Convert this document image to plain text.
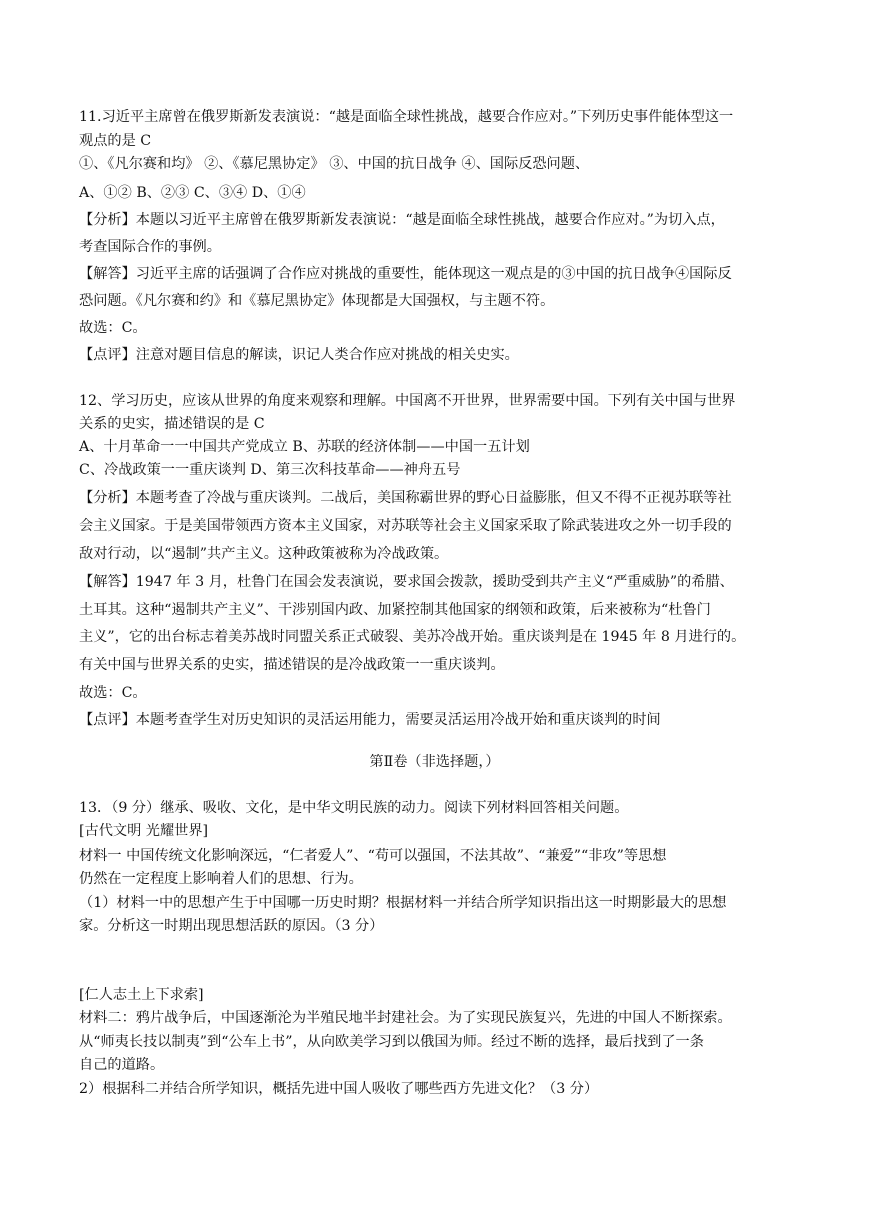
11.习近平主席曾在俄罗斯新发表演说：“越是面临全球性挑战，越要合作应对。”下列历史事件能体型这一
观点的是 C
①、《凡尔赛和均》 ②、《慕尼黑协定》 ③、中国的抗日战争 ④、国际反恐问题、
A、①② B、②③ C、③④ D、①④
【分析】本题以习近平主席曾在俄罗斯新发表演说：“越是面临全球性挑战，越要合作应对。”为切入点，
考查国际合作的事例。
【解答】习近平主席的话强调了合作应对挑战的重要性，能体现这一观点是的③中国的抗日战争④国际反
恐问题。《凡尔赛和约》和《慕尼黑协定》体现都是大国强权，与主题不符。
故选：C。
【点评】注意对题目信息的解读，识记人类合作应对挑战的相关史实。
12、学习历史，应该从世界的角度来观察和理解。中国离不开世界，世界需要中国。下列有关中国与世界
关系的史实，描述错误的是 C
A、十月革命一一中国共产党成立 B、苏联的经济体制——中国一五计划
C、冷战政策一一重庆谈判 D、第三次科技革命——神舟五号
【分析】本题考查了冷战与重庆谈判。二战后，美国称霸世界的野心日益膨胀，但又不得不正视苏联等社
会主义国家。于是美国带领西方资本主义国家，对苏联等社会主义国家采取了除武装进攻之外一切手段的
敌对行动，以“遏制”共产主义。这种政策被称为冷战政策。
【解答】1947 年 3 月，杜鲁门在国会发表演说，要求国会拨款，援助受到共产主义“严重威胁”的希腊、
土耳其。这种“遏制共产主义”、干涉别国内政、加紧控制其他国家的纲领和政策，后来被称为“杜鲁门
主义”，它的出台标志着美苏战时同盟关系正式破裂、美苏冷战开始。重庆谈判是在 1945 年 8 月进行的。
有关中国与世界关系的史实，描述错误的是冷战政策一一重庆谈判。
故选：C。
【点评】本题考查学生对历史知识的灵活运用能力，需要灵活运用冷战开始和重庆谈判的时间
第Ⅱ卷（非选择题，）
13．（9 分）继承、吸收、文化，是中华文明民族的动力。阅读下列材料回答相关问题。
[古代文明 光耀世界]
材料一 中国传统文化影响深远，“仁者爱人”、“苟可以强国，不法其故”、“兼爱”“非攻”等思想
仍然在一定程度上影响着人们的思想、行为。
（1）材料一中的思想产生于中国哪一历史时期？根据材料一并结合所学知识指出这一时期影最大的思想
家。分析这一时期出现思想活跃的原因。（3 分）
[仁人志土上下求索]
材料二：鸦片战争后，中国逐渐沦为半殖民地半封建社会。为了实现民族复兴，先进的中国人不断探索。
从“师夷长技以制夷”到“公车上书”，从向欧美学习到以俄国为师。经过不断的选择，最后找到了一条
自己的道路。
2）根据科二并结合所学知识，概括先进中国人吸收了哪些西方先进文化？（3 分）
